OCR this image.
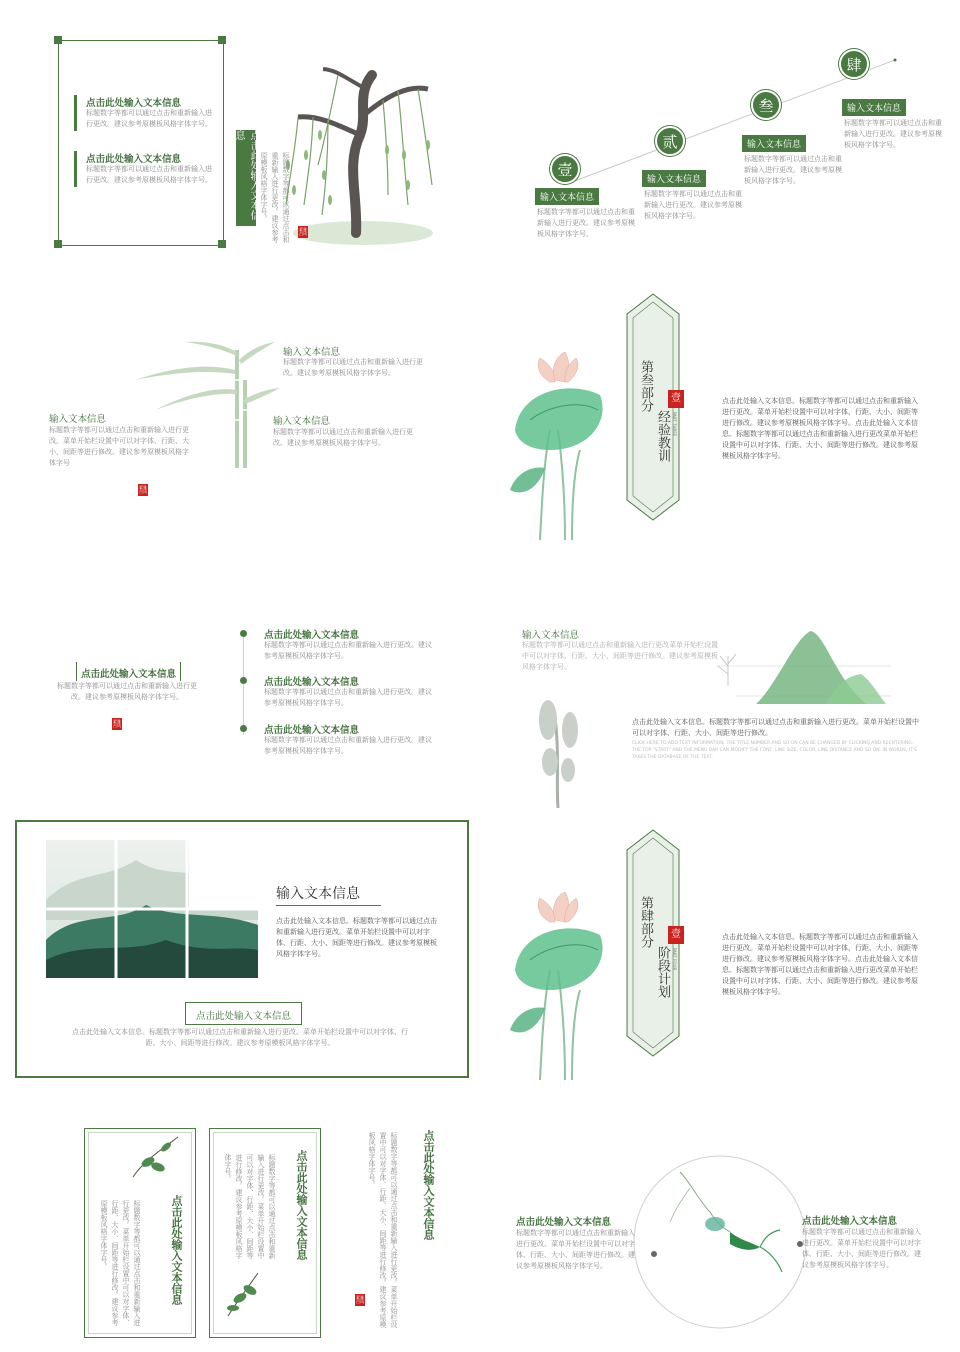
点击此处输入文本信息
标题数字等都可以通过点击和重新输入进行更改。建议参考原模板风格字体字号。
点击此处输入文本信息
标题数字等都可以通过点击和重新输入进行更改。建议参考原模板风格字体字号。	点击此处输入文本信息
标题数字等都可以通过点击和重新输入进行更改。建议参考原模板风格字体字号。
素雅古风
壹
输入文本信息
标题数字等都可以通过点击和重新输入进行更改。建议参考原模板风格字体字号。
贰
输入文本信息
标题数字等都可以通过点击和重新输入进行更改。建议参考原模板风格字体字号。
叁
输入文本信息
标题数字等都可以通过点击和重新输入进行更改。建议参考原模板风格字体字号。
肆
输入文本信息
标题数字等都可以通过点击和重新输入进行更改。建议参考原模板风格字体字号。
输入文本信息
标题数字等都可以通过点击和重新输入进行更改。建议参考原模板风格字体字号。
输入文本信息
标题数字等都可以通过点击和重新输入进行更改。菜单开始栏设置中可以对字体、行距、大小、间距等进行修改。建议参考原模板风格字体字号
输入文本信息
标题数字等都可以通过点击和重新输入进行更改。建议参考原模板风格字体字号。
素雅古风
第叁部分	壹
经验教训 PART THREE
点击此处输入文本信息。标题数字等都可以通过点击和重新输入进行更改。菜单开始栏设置中可以对字体、行距、大小、间距等进行修改。建议参考原模板风格字体字号。点击此处输入文本信息。标题数字等都可以通过点击和重新输入进行更改菜单开始栏设置中可以对字体、行距、大小、间距等进行修改。建议参考原模板风格字体字号。
点击此处输入文本信息
标题数字等都可以通过点击和重新输入进行更改。建议参考原模板风格字体字号。
素雅古风
点击此处输入文本信息
标题数字等都可以通过点击和重新输入进行更改。建议参考原模板风格字体字号。
点击此处输入文本信息
标题数字等都可以通过点击和重新输入进行更改。建议参考原模板风格字体字号。
点击此处输入文本信息
标题数字等都可以通过点击和重新输入进行更改。建议参考原模板风格字体字号。
输入文本信息
标题数字等都可以通过点击和重新输入进行更改菜单开始栏设置中可以对字体、行距、大小、间距等进行修改。建议参考原模板风格字体字号。
点击此处输入文本信息。标题数字等都可以通过点击和重新输入进行更改。菜单开始栏设置中可以对字体、行距、大小、间距等进行修改。
CLICK HERE TO ADD TEXT INFORMATION. THE TITLE NUMBER AND SO ON CAN BE CHANGED BY CLICKING AND REENTERING. THE TOP "START" AND THE MENU BAR CAN MODIFY THE FONT, LINE SIZE, COLOR, LINE DISTANCE AND SO ON. IN WORDS, IT'S TAKES THE DATABASE OF THE TEXT.
输入文本信息
点击此处输入文本信息。标题数字等都可以通过点击和重新输入进行更改。菜单开始栏设置中可以对字体、行距、大小、间距等进行修改。建议参考原模板风格字体字号。
点击此处输入文本信息
点击此处输入文本信息。标题数字等都可以通过点击和重新输入进行更改。菜单开始栏设置中可以对字体、行距、大小、间距等进行修改。建议参考原模板风格字体字号。
第肆部分	壹
阶段计划 PART FOUR
点击此处输入文本信息。标题数字等都可以通过点击和重新输入进行更改。菜单开始栏设置中可以对字体、行距、大小、间距等进行修改。建议参考原模板风格字体字号。点击此处输入文本信息。标题数字等都可以通过点击和重新输入进行更改菜单开始栏设置中可以对字体、行距、大小、间距等进行修改。建议参考原模板风格字体字号。
点击此处输入文本信息
标题数字等都可以通过点击和重新输入进行更改。菜单开始栏设置中可以对字体、行距、大小、间距等进行修改。建议参考原模板风格字体字号。	点击此处输入文本信息
标题数字等都可以通过点击和重新输入进行更改。菜单开始栏设置中可以对字体、行距、大小、间距等进行修改。建议参考原模板风格字体字号。	点击此处输入文本信息
标题数字等都可以通过点击和重新输入进行更改。菜单开始栏设置中可以对字体、行距、大小、间距等进行修改。建议参考原模板风格字体字号。
素雅古风
点击此处输入文本信息
标题数字等都可以通过点击和重新输入进行更改。菜单开始栏设置中可以对字体、行距、大小、间距等进行修改。建议参考原模板风格字体字号。
点击此处输入文本信息
标题数字等都可以通过点击和重新输入进行更改。菜单开始栏设置中可以对字体、行距、大小、间距等进行修改。建议参考原模板风格字体字号。
